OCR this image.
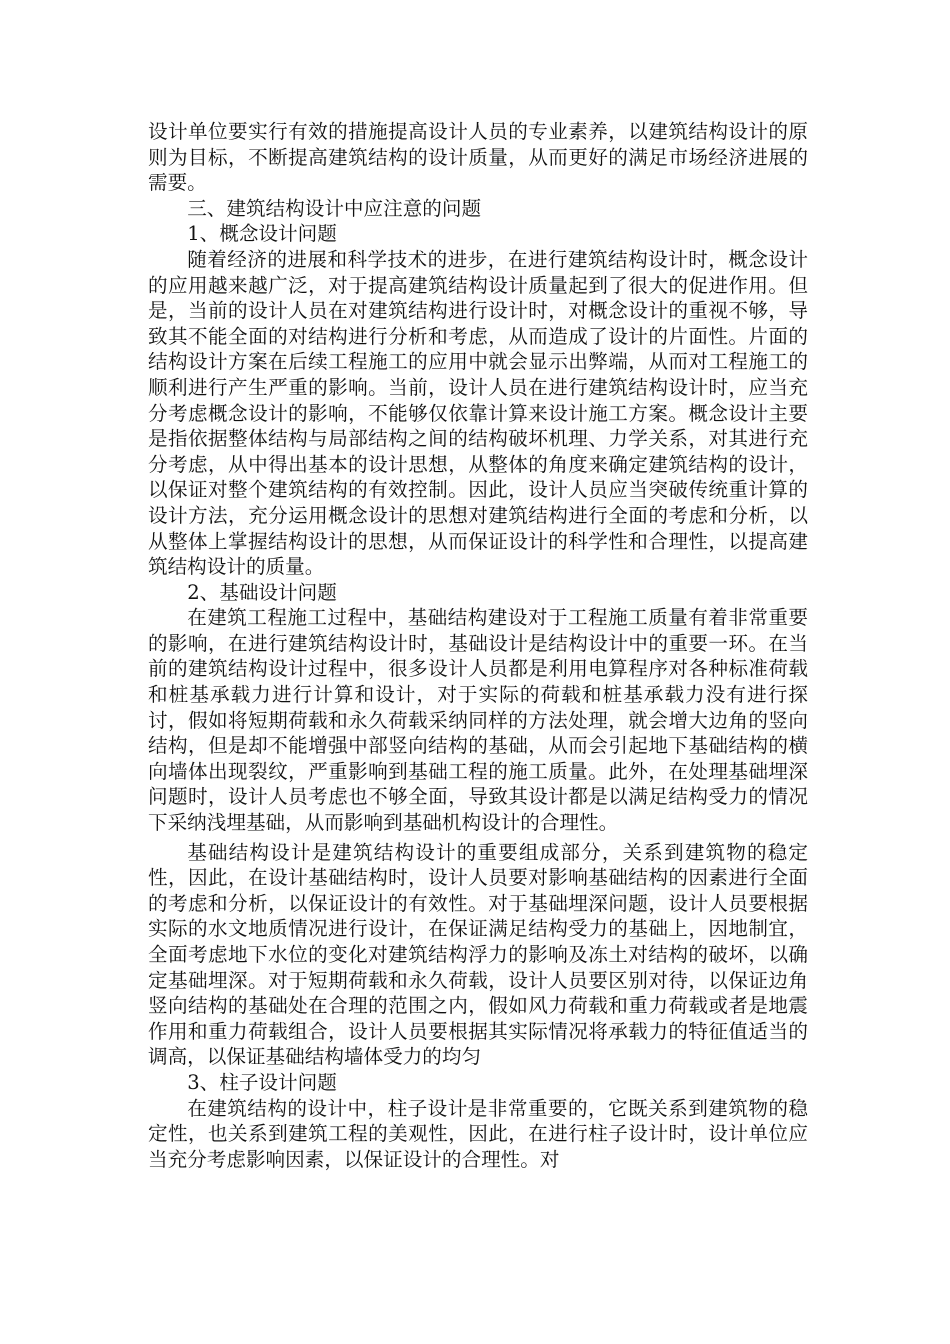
设计单位要实行有效的措施提高设计人员的专业素养，以建筑结构设计的原则为目标，不断提高建筑结构的设计质量，从而更好的满足市场经济进展的需要。

三、建筑结构设计中应注意的问题

1、概念设计问题

随着经济的进展和科学技术的进步，在进行建筑结构设计时，概念设计的应用越来越广泛，对于提高建筑结构设计质量起到了很大的促进作用。但是，当前的设计人员在对建筑结构进行设计时，对概念设计的重视不够，导致其不能全面的对结构进行分析和考虑，从而造成了设计的片面性。片面的结构设计方案在后续工程施工的应用中就会显示出弊端，从而对工程施工的顺利进行产生严重的影响。当前，设计人员在进行建筑结构设计时，应当充分考虑概念设计的影响，不能够仅依靠计算来设计施工方案。概念设计主要是指依据整体结构与局部结构之间的结构破坏机理、力学关系，对其进行充分考虑，从中得出基本的设计思想，从整体的角度来确定建筑结构的设计，以保证对整个建筑结构的有效控制。因此，设计人员应当突破传统重计算的设计方法，充分运用概念设计的思想对建筑结构进行全面的考虑和分析，以从整体上掌握结构设计的思想，从而保证设计的科学性和合理性，以提高建筑结构设计的质量。

2、基础设计问题

在建筑工程施工过程中，基础结构建设对于工程施工质量有着非常重要的影响，在进行建筑结构设计时，基础设计是结构设计中的重要一环。在当前的建筑结构设计过程中，很多设计人员都是利用电算程序对各种标准荷载和桩基承载力进行计算和设计，对于实际的荷载和桩基承载力没有进行探讨，假如将短期荷载和永久荷载采纳同样的方法处理，就会增大边角的竖向结构，但是却不能增强中部竖向结构的基础，从而会引起地下基础结构的横向墙体出现裂纹，严重影响到基础工程的施工质量。此外，在处理基础埋深问题时，设计人员考虑也不够全面，导致其设计都是以满足结构受力的情况下采纳浅埋基础，从而影响到基础机构设计的合理性。

基础结构设计是建筑结构设计的重要组成部分，关系到建筑物的稳定性，因此，在设计基础结构时，设计人员要对影响基础结构的因素进行全面的考虑和分析，以保证设计的有效性。对于基础埋深问题，设计人员要根据实际的水文地质情况进行设计，在保证满足结构受力的基础上，因地制宜，全面考虑地下水位的变化对建筑结构浮力的影响及冻土对结构的破坏，以确定基础埋深。对于短期荷载和永久荷载，设计人员要区别对待，以保证边角竖向结构的基础处在合理的范围之内，假如风力荷载和重力荷载或者是地震作用和重力荷载组合，设计人员要根据其实际情况将承载力的特征值适当的调高，以保证基础结构墙体受力的均匀

3、柱子设计问题

在建筑结构的设计中，柱子设计是非常重要的，它既关系到建筑物的稳定性，也关系到建筑工程的美观性，因此，在进行柱子设计时，设计单位应当充分考虑影响因素，以保证设计的合理性。对
